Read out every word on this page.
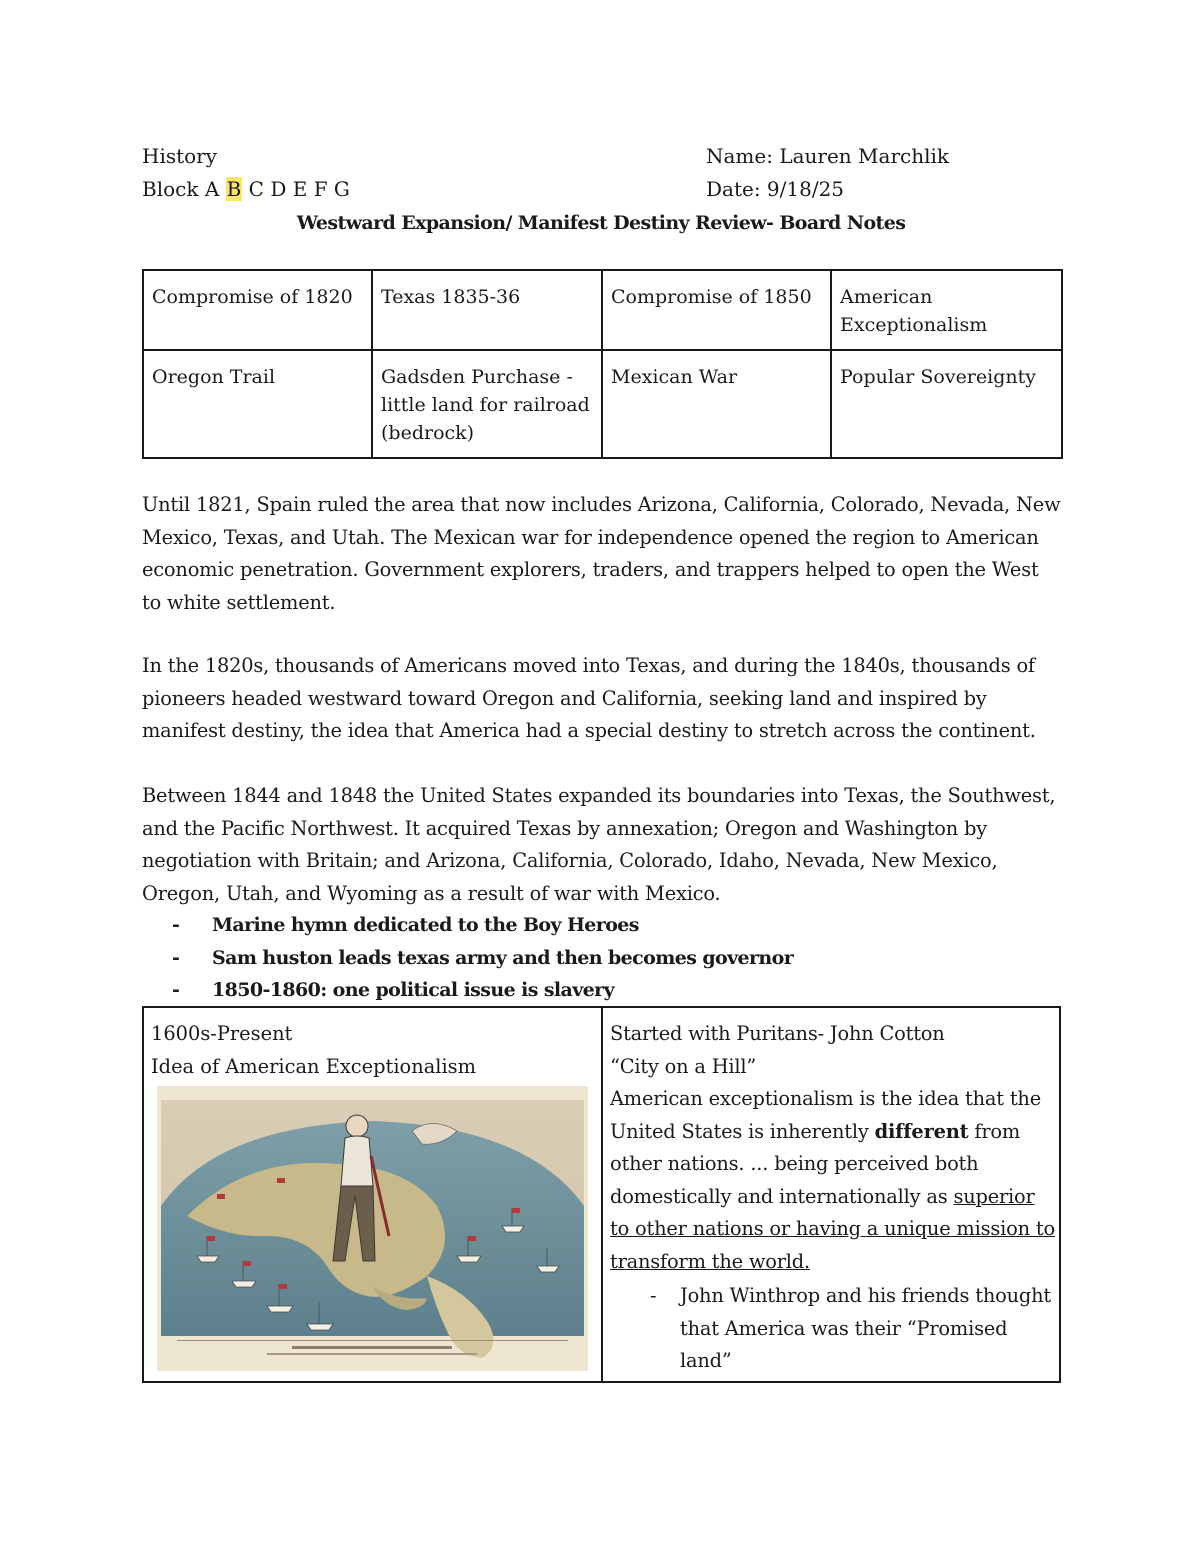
History
Block A B C D E F G
Name: Lauren Marchlik
Date: 9/18/25
Westward Expansion/ Manifest Destiny Review- Board Notes
Compromise of 1820	Texas 1835-36	Compromise of 1850	American Exceptionalism
Oregon Trail	Gadsden Purchase -little land for railroad (bedrock)	Mexican War	Popular Sovereignty
Until 1821, Spain ruled the area that now includes Arizona, California, Colorado, Nevada, New Mexico, Texas, and Utah. The Mexican war for independence opened the region to American economic penetration. Government explorers, traders, and trappers helped to open the West to white settlement.
In the 1820s, thousands of Americans moved into Texas, and during the 1840s, thousands of pioneers headed westward toward Oregon and California, seeking land and inspired by manifest destiny, the idea that America had a special destiny to stretch across the continent.
Between 1844 and 1848 the United States expanded its boundaries into Texas, the Southwest, and the Pacific Northwest. It acquired Texas by annexation; Oregon and Washington by negotiation with Britain; and Arizona, California, Colorado, Idaho, Nevada, New Mexico, Oregon, Utah, and Wyoming as a result of war with Mexico.
- Marine hymn dedicated to the Boy Heroes
- Sam huston leads texas army and then becomes governor
- 1850-1860: one political issue is slavery
1600s-Present
Idea of American Exceptionalism
Started with Puritans- John Cotton
“City on a Hill”
American exceptionalism is the idea that the United States is inherently different from other nations. ... being perceived both domestically and internationally as superior to other nations or having a unique mission to transform the world.
- John Winthrop and his friends thought that America was their “Promised land”
